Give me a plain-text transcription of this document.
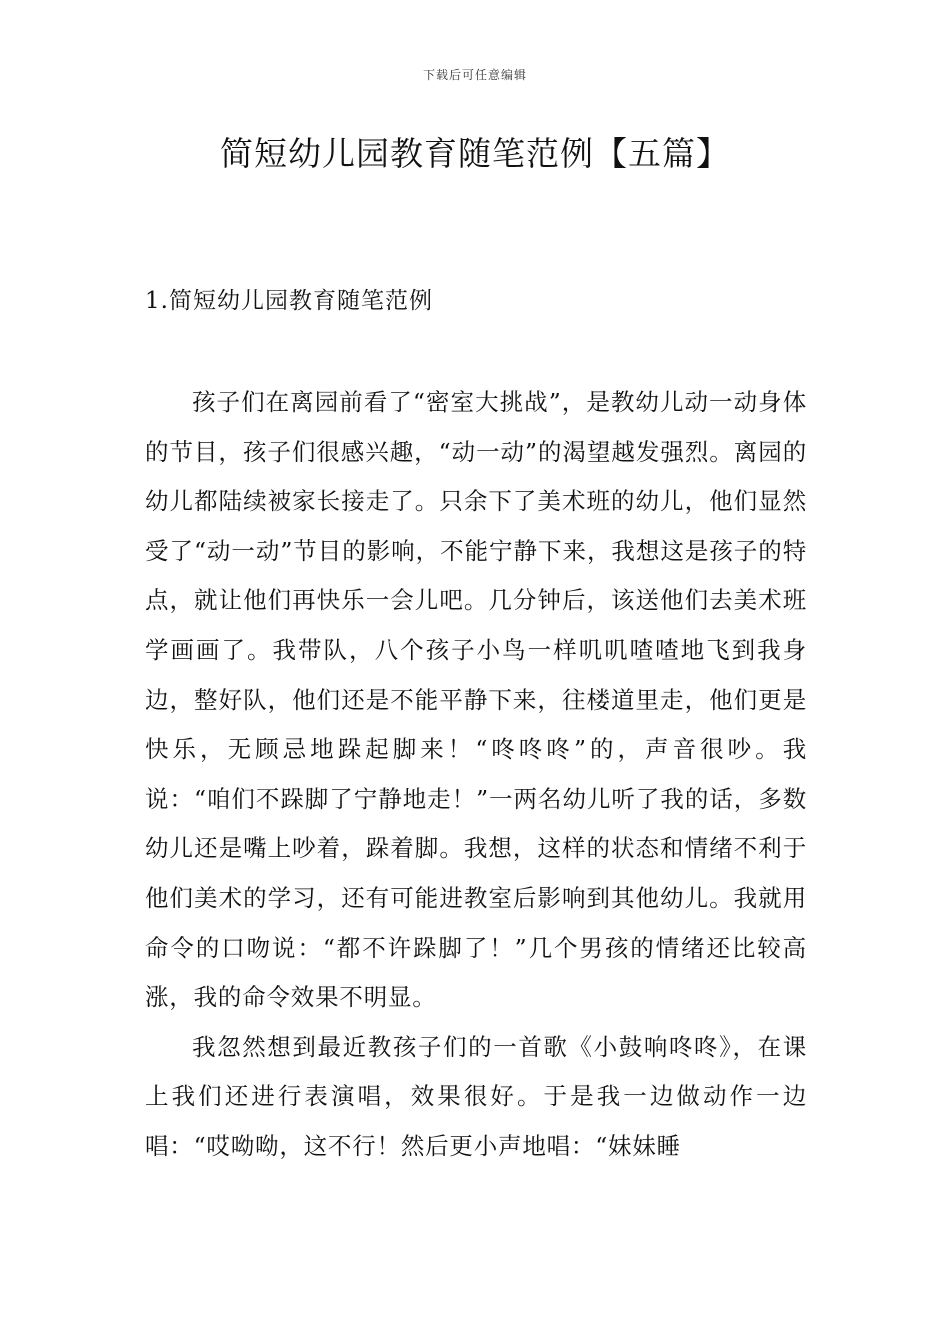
下载后可任意编辑
简短幼儿园教育随笔范例【五篇】
1.简短幼儿园教育随笔范例

孩子们在离园前看了“密室大挑战”，是教幼儿动一动身体的节目，孩子们很感兴趣，“动一动”的渴望越发强烈。离园的幼儿都陆续被家长接走了。只余下了美术班的幼儿，他们显然受了“动一动”节目的影响，不能宁静下来，我想这是孩子的特点，就让他们再快乐一会儿吧。几分钟后，该送他们去美术班学画画了。我带队，八个孩子小鸟一样叽叽喳喳地飞到我身边，整好队，他们还是不能平静下来，往楼道里走，他们更是快乐，无顾忌地跺起脚来！“咚咚咚”的，声音很吵。我说：“咱们不跺脚了宁静地走！”一两名幼儿听了我的话，多数幼儿还是嘴上吵着，跺着脚。我想，这样的状态和情绪不利于他们美术的学习，还有可能进教室后影响到其他幼儿。我就用命令的口吻说：“都不许跺脚了！”几个男孩的情绪还比较高涨，我的命令效果不明显。

我忽然想到最近教孩子们的一首歌《小鼓响咚咚》，在课上我们还进行表演唱，效果很好。于是我一边做动作一边唱：“哎呦呦，这不行！然后更小声地唱：“妹妹睡
